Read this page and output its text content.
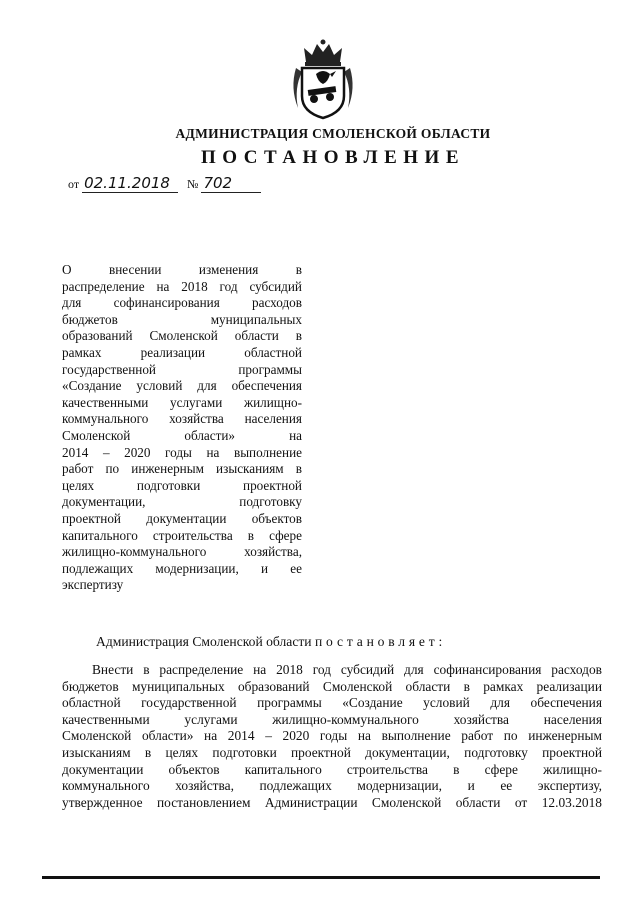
АДМИНИСТРАЦИЯ СМОЛЕНСКОЙ ОБЛАСТИ
ПОСТАНОВЛЕНИЕ
от 02.11.2018 № 702
О внесении изменения в
распределение на 2018 год субсидий
для софинансирования расходов
бюджетов муниципальных
образований Смоленской области в
рамках реализации областной
государственной программы
«Создание условий для обеспечения
качественными услугами жилищно-
коммунального хозяйства населения
Смоленской области» на
2014 – 2020 годы на выполнение
работ по инженерным изысканиям в
целях подготовки проектной
документации, подготовку
проектной документации объектов
капитального строительства в сфере
жилищно-коммунального хозяйства,
подлежащих модернизации, и ее
экспертизу
Администрация Смоленской области постановляет:
Внести в распределение на 2018 год субсидий для софинансирования расходов
бюджетов муниципальных образований Смоленской области в рамках реализации
областной государственной программы «Создание условий для обеспечения
качественными услугами жилищно-коммунального хозяйства населения
Смоленской области» на 2014 – 2020 годы на выполнение работ по инженерным
изысканиям в целях подготовки проектной документации, подготовку проектной
документации объектов капитального строительства в сфере жилищно-
коммунального хозяйства, подлежащих модернизации, и ее экспертизу,
утвержденное постановлением Администрации Смоленской области от 12.03.2018
